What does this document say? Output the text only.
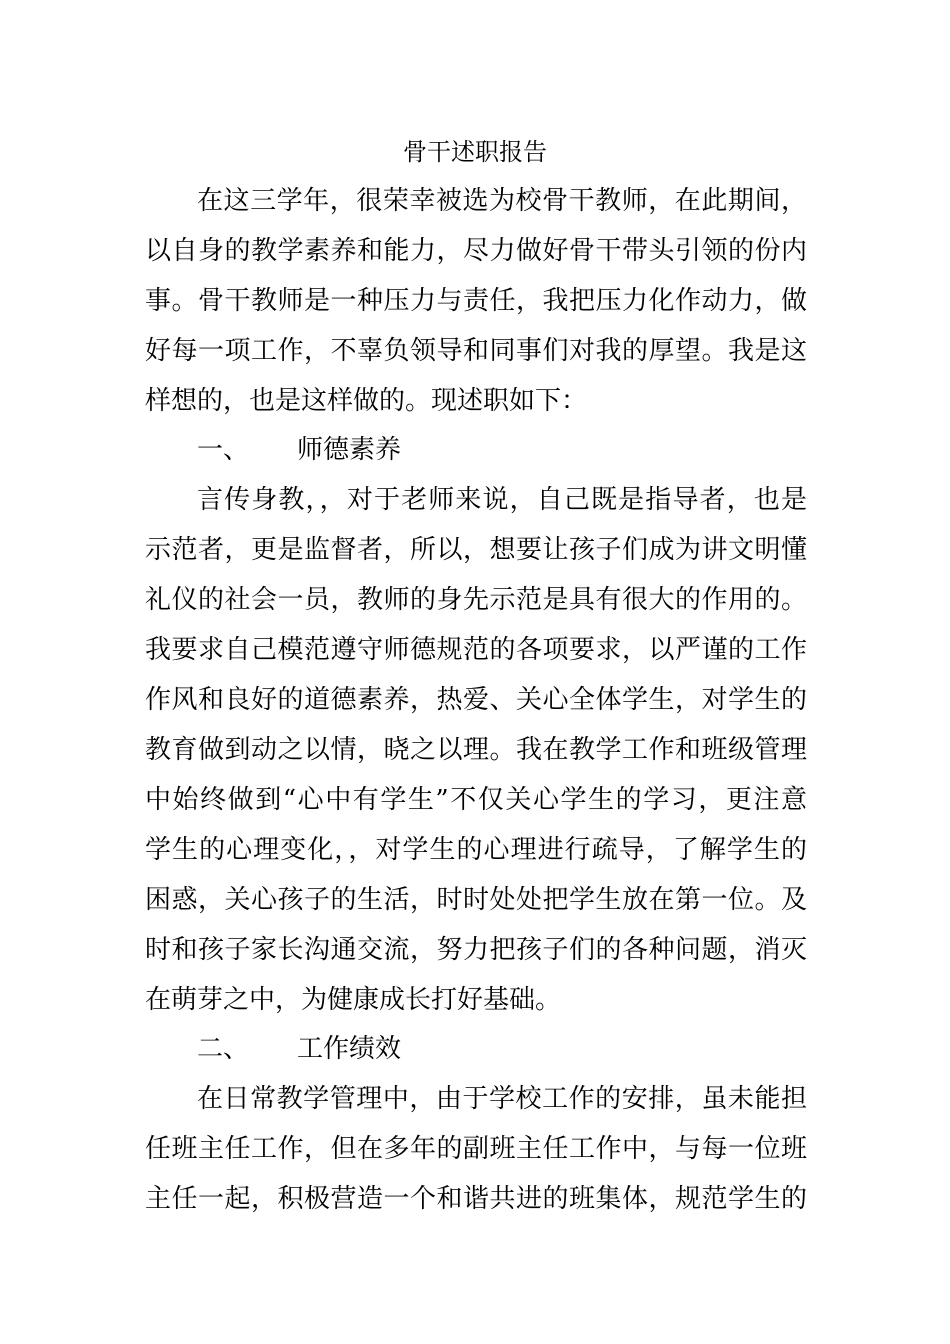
骨干述职报告
在这三学年，很荣幸被选为校骨干教师，在此期间，
以自身的教学素养和能力，尽力做好骨干带头引领的份内
事。骨干教师是一种压力与责任，我把压力化作动力，做
好每一项工作，不辜负领导和同事们对我的厚望。我是这
样想的，也是这样做的。现述职如下：
一、 师德素养
言传身教，，对于老师来说，自己既是指导者，也是
示范者，更是监督者，所以，想要让孩子们成为讲文明懂
礼仪的社会一员，教师的身先示范是具有很大的作用的。
我要求自己模范遵守师德规范的各项要求，以严谨的工作
作风和良好的道德素养，热爱、关心全体学生，对学生的
教育做到动之以情，晓之以理。我在教学工作和班级管理
中始终做到“心中有学生”不仅关心学生的学习，更注意
学生的心理变化，，对学生的心理进行疏导，了解学生的
困惑，关心孩子的生活，时时处处把学生放在第一位。及
时和孩子家长沟通交流，努力把孩子们的各种问题，消灭
在萌芽之中，为健康成长打好基础。
二、 工作绩效
在日常教学管理中，由于学校工作的安排，虽未能担
任班主任工作，但在多年的副班主任工作中，与每一位班
主任一起，积极营造一个和谐共进的班集体，规范学生的
